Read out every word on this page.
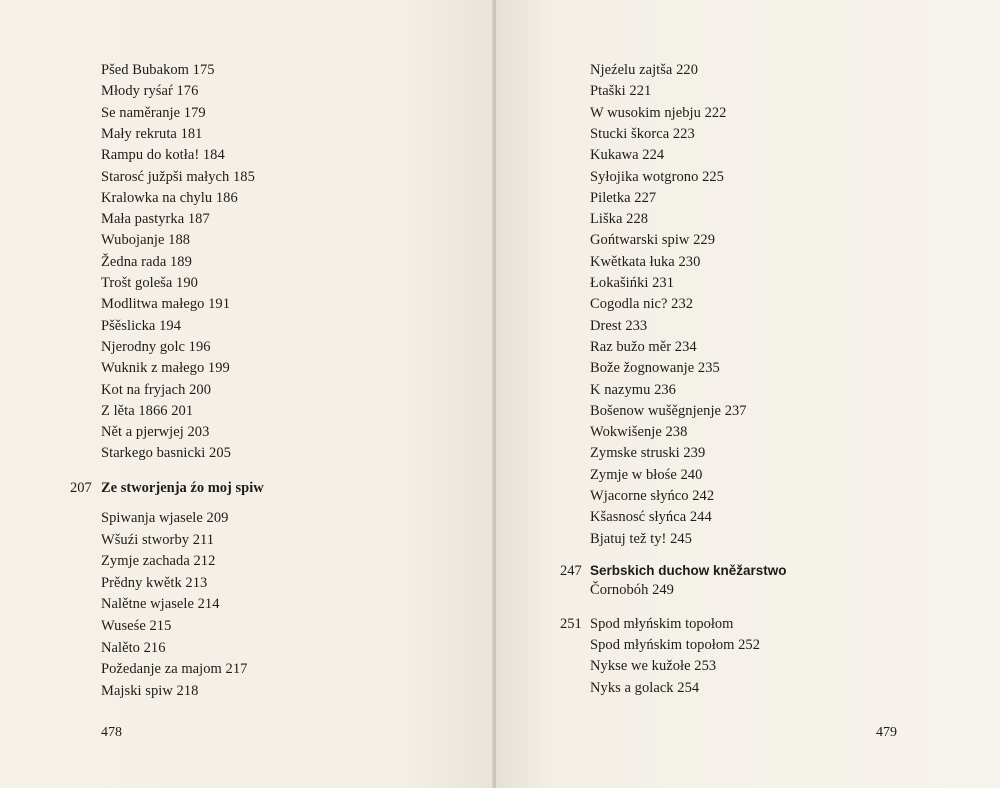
Pšed Bubakom 175
Młody ryśaŕ 176
Se naměranje 179
Mały rekruta 181
Rampu do kotła! 184
Starosć južpši małych 185
Kralowka na chylu 186
Mała pastyrka 187
Wubojanje 188
Žedna rada 189
Trošt goleša 190
Modlitwa małego 191
Pšěslicka 194
Njerodny golc 196
Wuknik z małego 199
Kot na fryjach 200
Z lěta 1866 201
Nět a pjerwjej 203
Starkego basnicki 205
207 Ze stworjenja źo moj spiw
Spiwanja wjasele 209
Wšuźi stworby 211
Zymje zachada 212
Prědny kwětk 213
Nalětne wjasele 214
Wuseśe 215
Nalěto 216
Požedanje za majom 217
Majski spiw 218
478
Njeźelu zajtša 220
Ptaški 221
W wusokim njebju 222
Stucki škorca 223
Kukawa 224
Syłojika wotgrono 225
Piletka 227
Liška 228
Gońtwarski spiw 229
Kwětkata łuka 230
Łokašińki 231
Cogodla nic? 232
Drest 233
Raz bužo měr 234
Bože žognowanje 235
K nazymu 236
Bošenow wušěgnjenje 237
Wokwišenje 238
Zymske struski 239
Zymje w błośe 240
Wjacorne słyńco 242
Kšasnosć słyńca 244
Bjatuj tež ty! 245
247 Serbskich duchow kněžarstwo
Čornobóh 249
251 Spod młyńskim topołom
Spod młyńskim topołom 252
Nykse we kužołe 253
Nyks a golack 254
479
